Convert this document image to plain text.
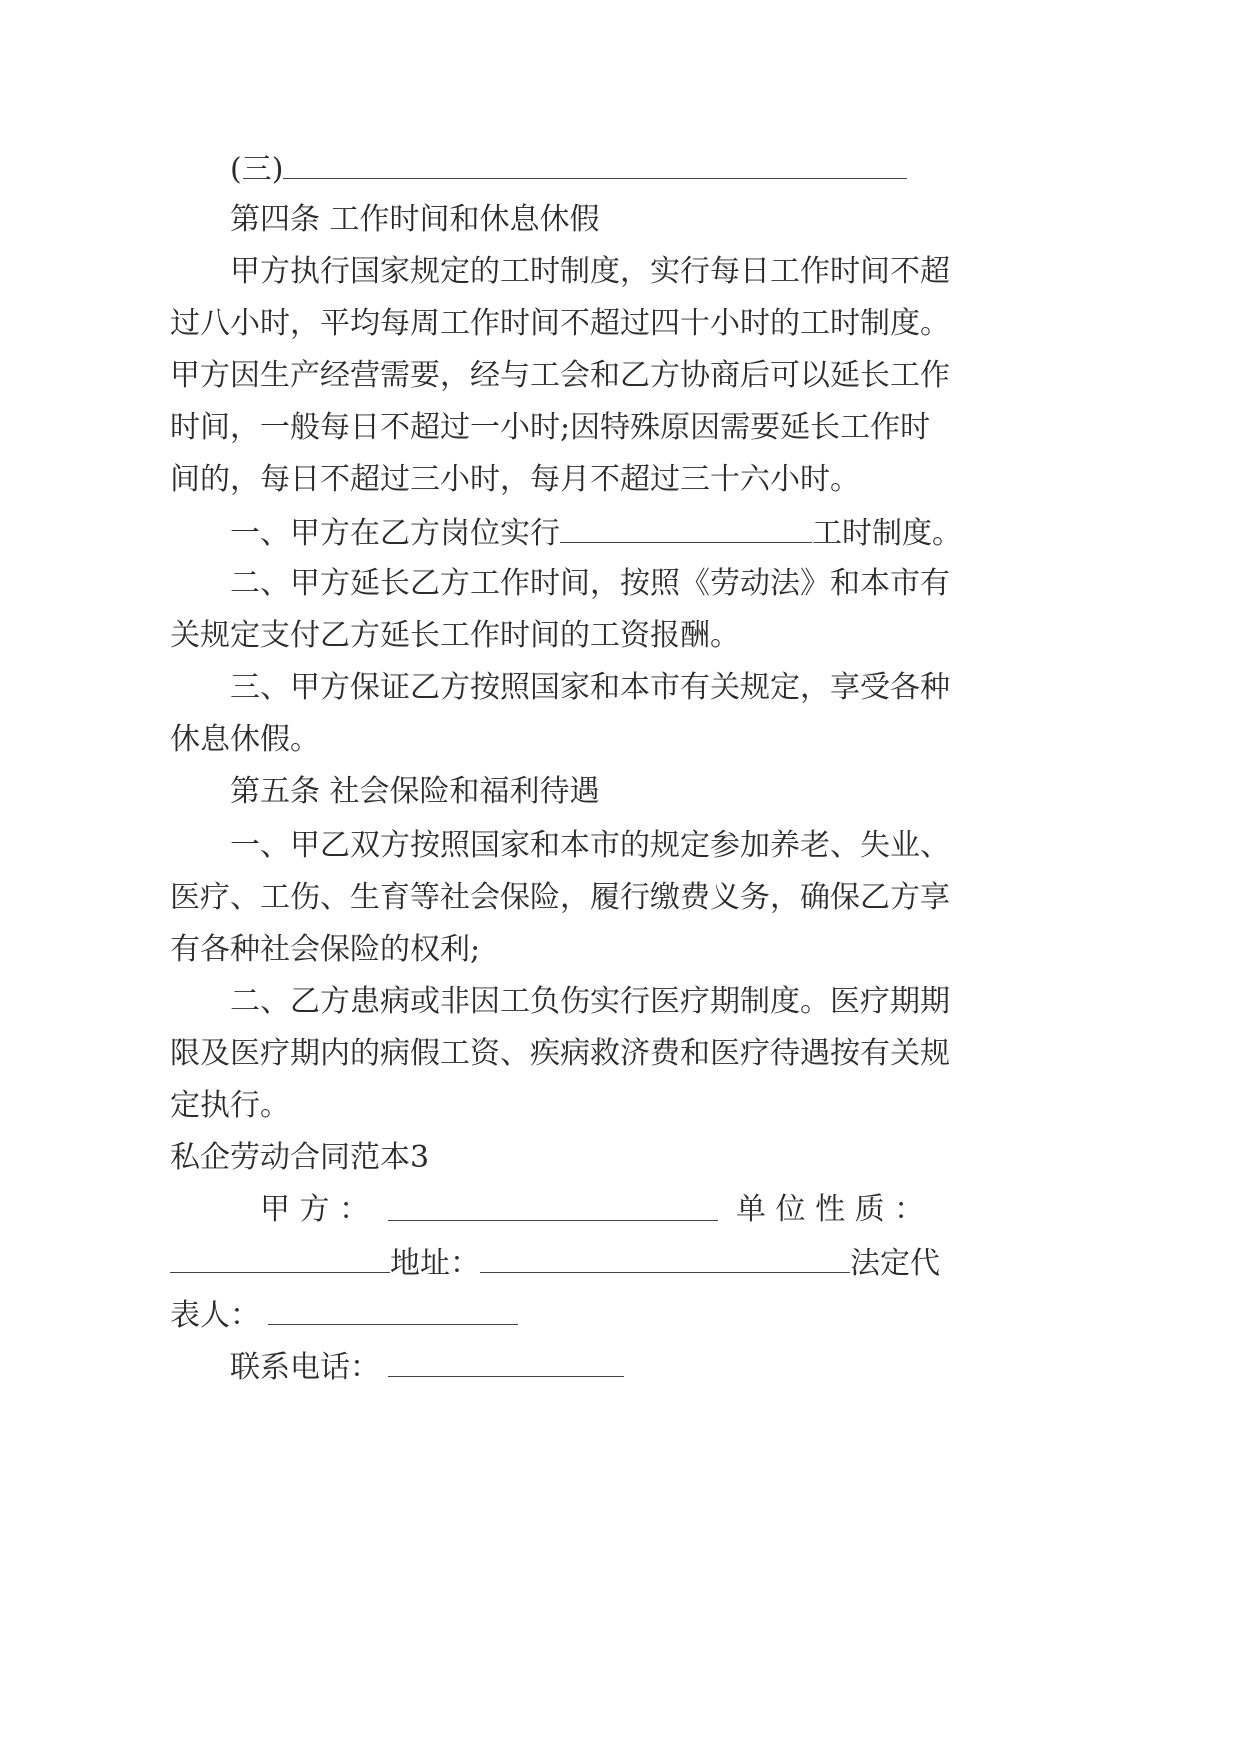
(三)
第四条 工作时间和休息休假
甲方执行国家规定的工时制度，实行每日工作时间不超
过八小时，平均每周工作时间不超过四十小时的工时制度。
甲方因生产经营需要，经与工会和乙方协商后可以延长工作
时间，一般每日不超过一小时;因特殊原因需要延长工作时
间的，每日不超过三小时，每月不超过三十六小时。
一、甲方在乙方岗位实行	工时制度。
二、甲方延长乙方工作时间，按照《劳动法》和本市有
关规定支付乙方延长工作时间的工资报酬。
三、甲方保证乙方按照国家和本市有关规定，享受各种
休息休假。
第五条 社会保险和福利待遇
一、甲乙双方按照国家和本市的规定参加养老、失业、
医疗、工伤、生育等社会保险，履行缴费义务，确保乙方享
有各种社会保险的权利;
二、乙方患病或非因工负伤实行医疗期制度。医疗期期
限及医疗期内的病假工资、疾病救济费和医疗待遇按有关规
定执行。
私企劳动合同范本3
甲 方 ：	单 位 性 质 ：
地址：	法定代
表人：
联系电话：
